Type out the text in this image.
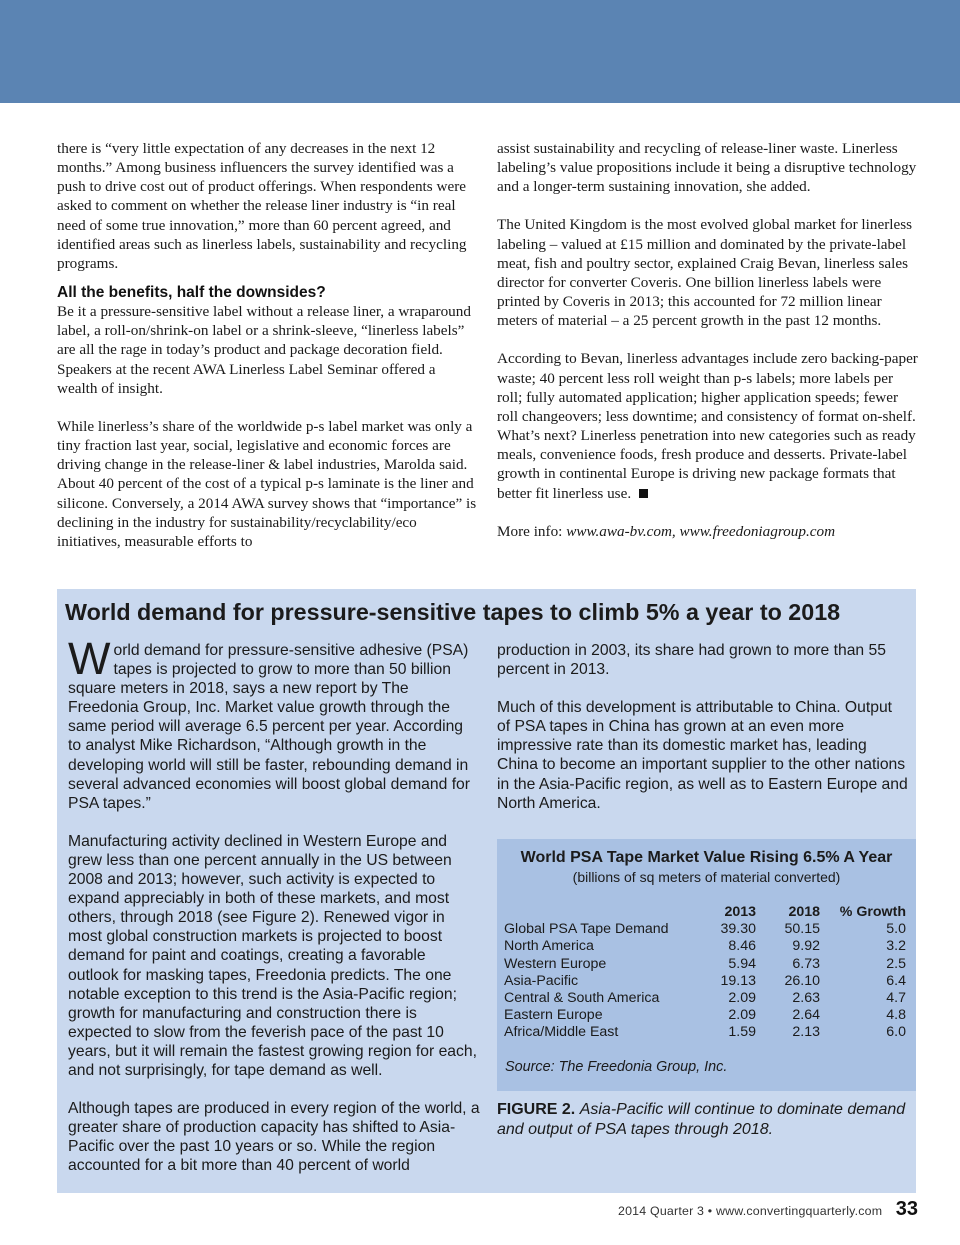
there is “very little expectation of any decreases in the next 12 months.” Among business influencers the survey identified was a push to drive cost out of product offerings. When respondents were asked to comment on whether the release liner industry is “in real need of some true innovation,” more than 60 percent agreed, and identified areas such as linerless labels, sustainability and recycling programs.

All the benefits, half the downsides?

Be it a pressure-sensitive label without a release liner, a wraparound label, a roll-on/shrink-on label or a shrink-sleeve, “linerless labels” are all the rage in today’s product and package decoration field. Speakers at the recent AWA Linerless Label Seminar offered a wealth of insight.

While linerless’s share of the worldwide p-s label market was only a tiny fraction last year, social, legislative and economic forces are driving change in the release-liner & label industries, Marolda said. About 40 percent of the cost of a typical p-s laminate is the liner and silicone. Conversely, a 2014 AWA survey shows that “importance” is declining in the industry for sustainability/recyclability/eco initiatives, measurable efforts to

assist sustainability and recycling of release-liner waste. Linerless labeling’s value propositions include it being a disruptive technology and a longer-term sustaining innovation, she added.

The United Kingdom is the most evolved global market for linerless labeling – valued at £15 million and dominated by the private-label meat, fish and poultry sector, explained Craig Bevan, linerless sales director for converter Coveris. One billion linerless labels were printed by Coveris in 2013; this accounted for 72 million linear meters of material – a 25 percent growth in the past 12 months.

According to Bevan, linerless advantages include zero backing-paper waste; 40 percent less roll weight than p-s labels; more labels per roll; fully automated application; higher application speeds; fewer roll changeovers; less downtime; and consistency of format on-shelf. What’s next? Linerless penetration into new categories such as ready meals, convenience foods, fresh produce and desserts. Private-label growth in continental Europe is driving new package formats that better fit linerless use.

More info: www.awa-bv.com, www.freedoniagroup.com

World demand for pressure-sensitive tapes to climb 5% a year to 2018

World demand for pressure-sensitive adhesive (PSA) tapes is projected to grow to more than 50 billion square meters in 2018, says a new report by The Freedonia Group, Inc. Market value growth through the same period will average 6.5 percent per year. According to analyst Mike Richardson, “Although growth in the developing world will still be faster, rebounding demand in several advanced economies will boost global demand for PSA tapes.”

Manufacturing activity declined in Western Europe and grew less than one percent annually in the US between 2008 and 2013; however, such activity is expected to expand appreciably in both of these markets, and most others, through 2018 (see Figure 2). Renewed vigor in most global construction markets is projected to boost demand for paint and coatings, creating a favorable outlook for masking tapes, Freedonia predicts. The one notable exception to this trend is the Asia-Pacific region; growth for manufacturing and construction there is expected to slow from the feverish pace of the past 10 years, but it will remain the fastest growing region for each, and not surprisingly, for tape demand as well.

Although tapes are produced in every region of the world, a greater share of production capacity has shifted to Asia-Pacific over the past 10 years or so. While the region accounted for a bit more than 40 percent of world

production in 2003, its share had grown to more than 55 percent in 2013.

Much of this development is attributable to China. Output of PSA tapes in China has grown at an even more impressive rate than its domestic market has, leading China to become an important supplier to the other nations in the Asia-Pacific region, as well as to Eastern Europe and North America.

World PSA Tape Market Value Rising 6.5% A Year
(billions of sq meters of material converted)
	2013	2018	% Growth
Global PSA Tape Demand	39.30	50.15	5.0
North America	8.46	9.92	3.2
Western Europe	5.94	6.73	2.5
Asia-Pacific	19.13	26.10	6.4
Central & South America	2.09	2.63	4.7
Eastern Europe	2.09	2.64	4.8
Africa/Middle East	1.59	2.13	6.0
Source: The Freedonia Group, Inc.
FIGURE 2. Asia-Pacific will continue to dominate demand and output of PSA tapes through 2018.
2014 Quarter 3 • www.convertingquarterly.com 33
